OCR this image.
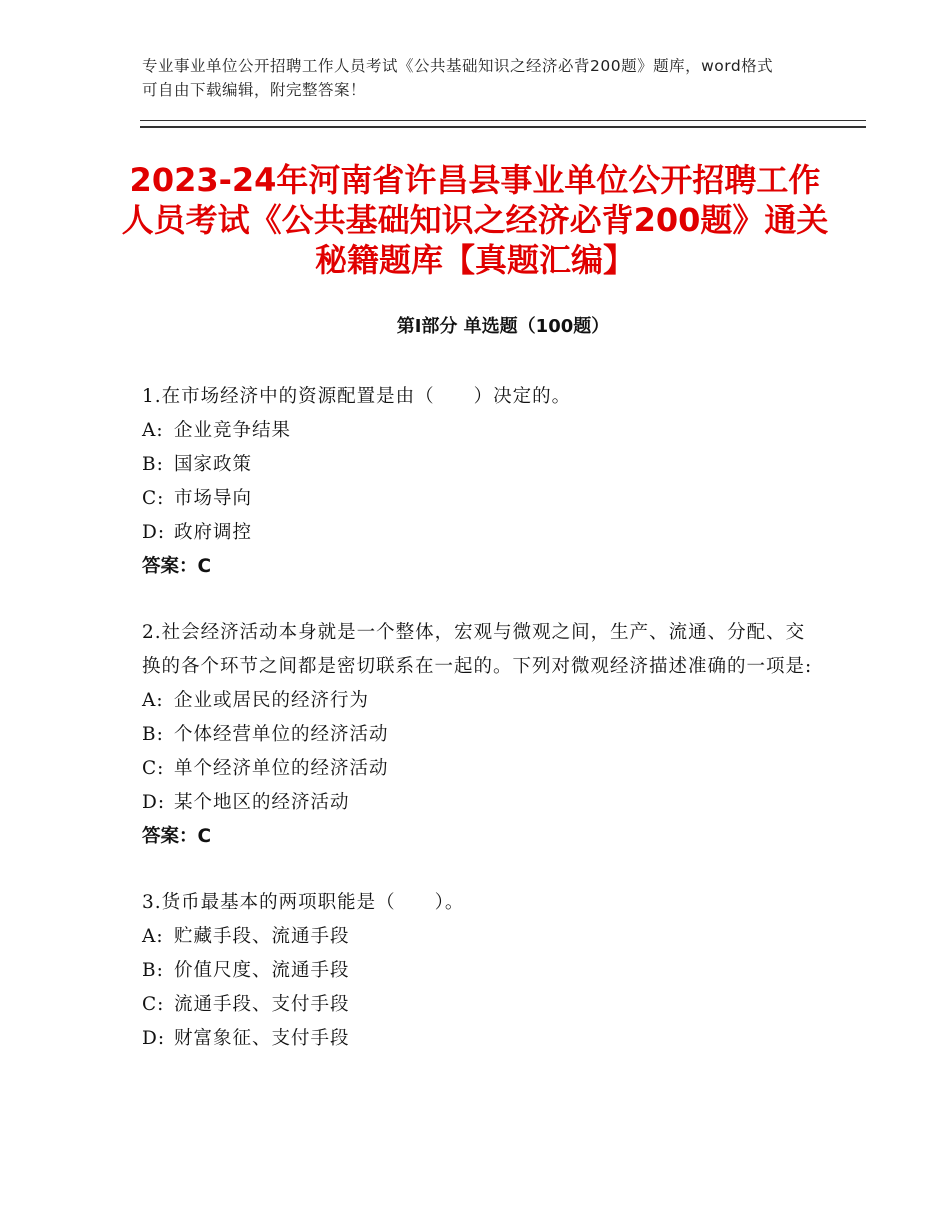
专业事业单位公开招聘工作人员考试《公共基础知识之经济必背200题》题库，word格式可自由下载编辑，附完整答案！
2023-24年河南省许昌县事业单位公开招聘工作人员考试《公共基础知识之经济必背200题》通关秘籍题库【真题汇编】
第Ⅰ部分 单选题（100题）
1.在市场经济中的资源配置是由（　　）决定的。
A: 企业竞争结果
B: 国家政策
C: 市场导向
D: 政府调控
答案：C
2.社会经济活动本身就是一个整体，宏观与微观之间，生产、流通、分配、交换的各个环节之间都是密切联系在一起的。下列对微观经济描述准确的一项是:
A: 企业或居民的经济行为
B: 个体经营单位的经济活动
C: 单个经济单位的经济活动
D: 某个地区的经济活动
答案：C
3.货币最基本的两项职能是（　　）。
A: 贮藏手段、流通手段
B: 价值尺度、流通手段
C: 流通手段、支付手段
D: 财富象征、支付手段
